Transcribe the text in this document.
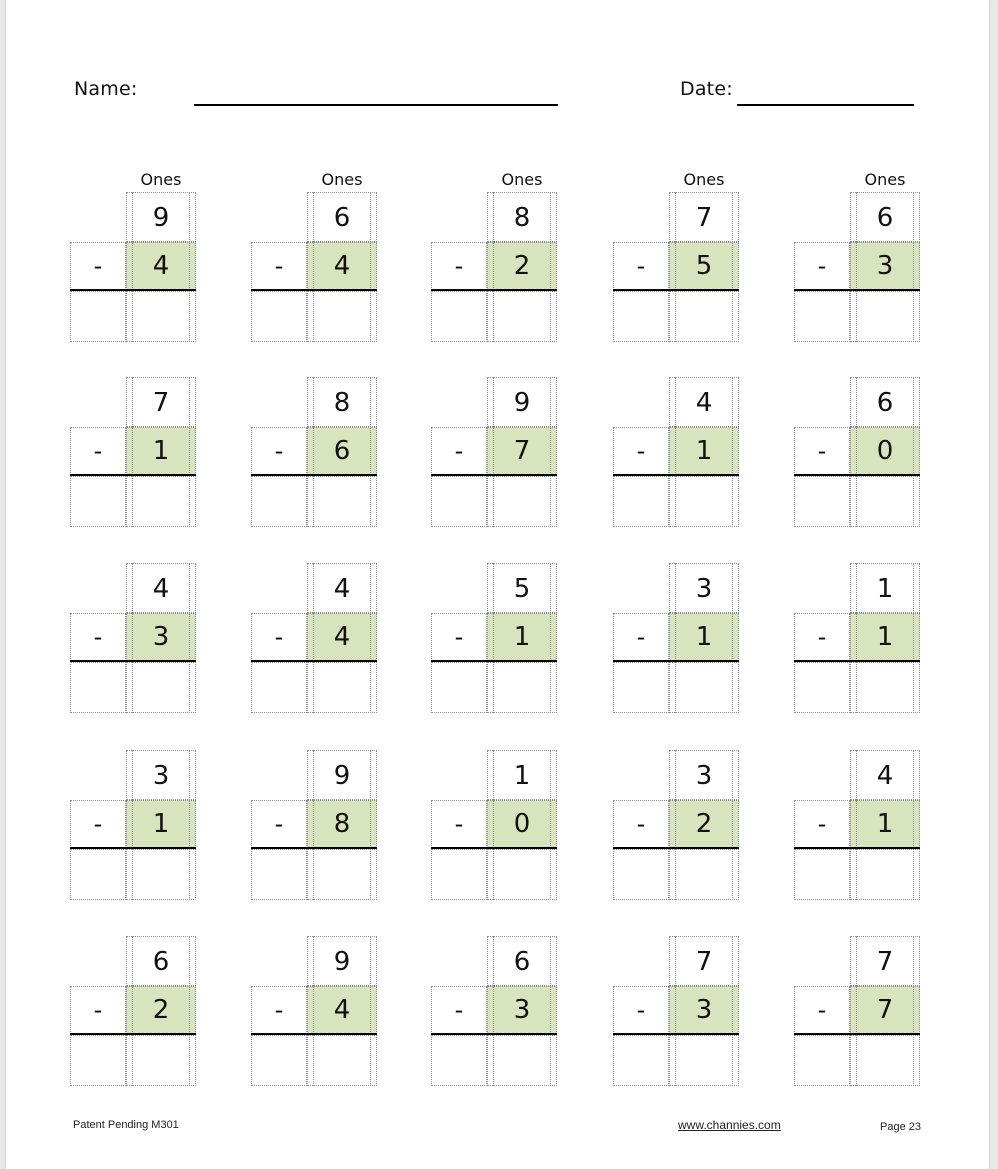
Name:	Date:
Ones
9
-	4
Ones
6
-	4
Ones
8
-	2
Ones
7
-	5
Ones
6
-	3
7
-	1
8
-	6
9
-	7
4
-	1
6
-	0
4
-	3
4
-	4
5
-	1
3
-	1
1
-	1
3
-	1
9
-	8
1
-	0
3
-	2
4
-	1
6
-	2
9
-	4
6
-	3
7
-	3
7
-	7
Patent Pending M301	www.channies.com	Page 23
